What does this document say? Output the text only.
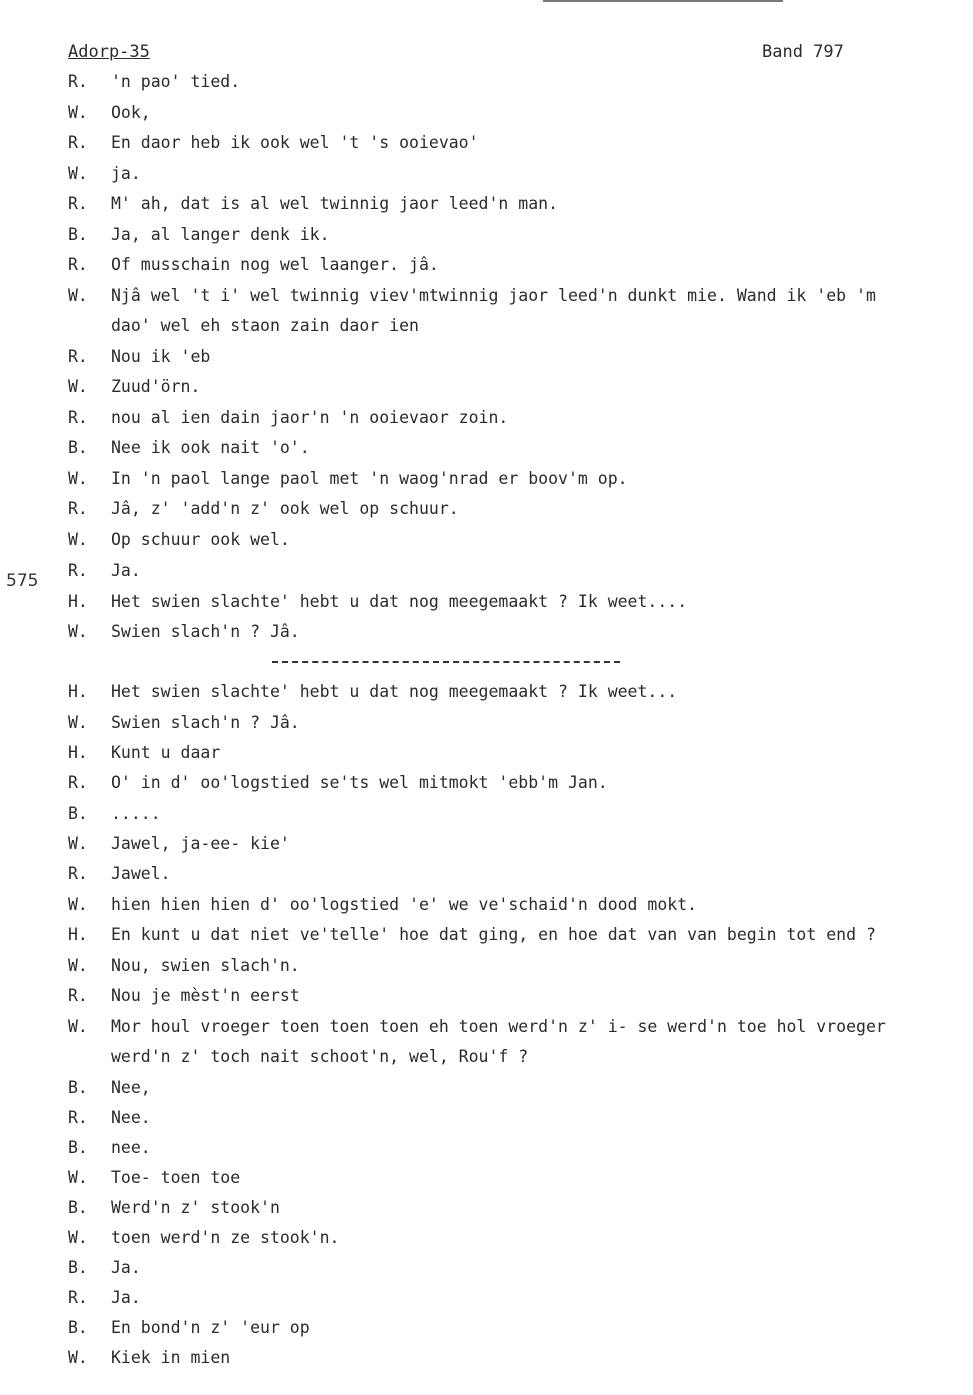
Adorp-35	Band 797
575
R.	'n pao' tied.
W.	Ook,
R.	En daor heb ik ook wel 't 's ooievao'
W.	ja.
R.	M' ah, dat is al wel twinnig jaor leed'n man.
B.	Ja, al langer denk ik.
R.	Of musschain nog wel laanger. jâ.
W.	Njâ wel 't i' wel twinnig viev'mtwinnig jaor leed'n dunkt mie. Wand ik 'eb 'm
dao' wel eh staon zain daor ien
R.	Nou ik 'eb
W.	Zuud'örn.
R.	nou al ien dain jaor'n 'n ooievaor zoin.
B.	Nee ik ook nait 'o'.
W.	In 'n paol lange paol met 'n waog'nrad er boov'm op.
R.	Jâ, z' 'add'n z' ook wel op schuur.
W.	Op schuur ook wel.
R.	Ja.
H.	Het swien slachte' hebt u dat nog meegemaakt ? Ik weet....
W.	Swien slach'n ? Jâ.
H.	Het swien slachte' hebt u dat nog meegemaakt ? Ik weet...
W.	Swien slach'n ? Jâ.
H.	Kunt u daar
R.	O' in d' oo'logstied se'ts wel mitmokt 'ebb'm Jan.
B.	.....
W.	Jawel, ja-ee- kie'
R.	Jawel.
W.	hien hien hien d' oo'logstied 'e' we ve'schaid'n dood mokt.
H.	En kunt u dat niet ve'telle' hoe dat ging, en hoe dat van van begin tot end ?
W.	Nou, swien slach'n.
R.	Nou je mèst'n eerst
W.	Mor houl vroeger toen toen toen eh toen werd'n z' i- se werd'n toe hol vroeger
werd'n z' toch nait schoot'n, wel, Rou'f ?
B.	Nee,
R.	Nee.
B.	nee.
W.	Toe- toen toe
B.	Werd'n z' stook'n
W.	toen werd'n ze stook'n.
B.	Ja.
R.	Ja.
B.	En bond'n z' 'eur op
W.	Kiek in mien
